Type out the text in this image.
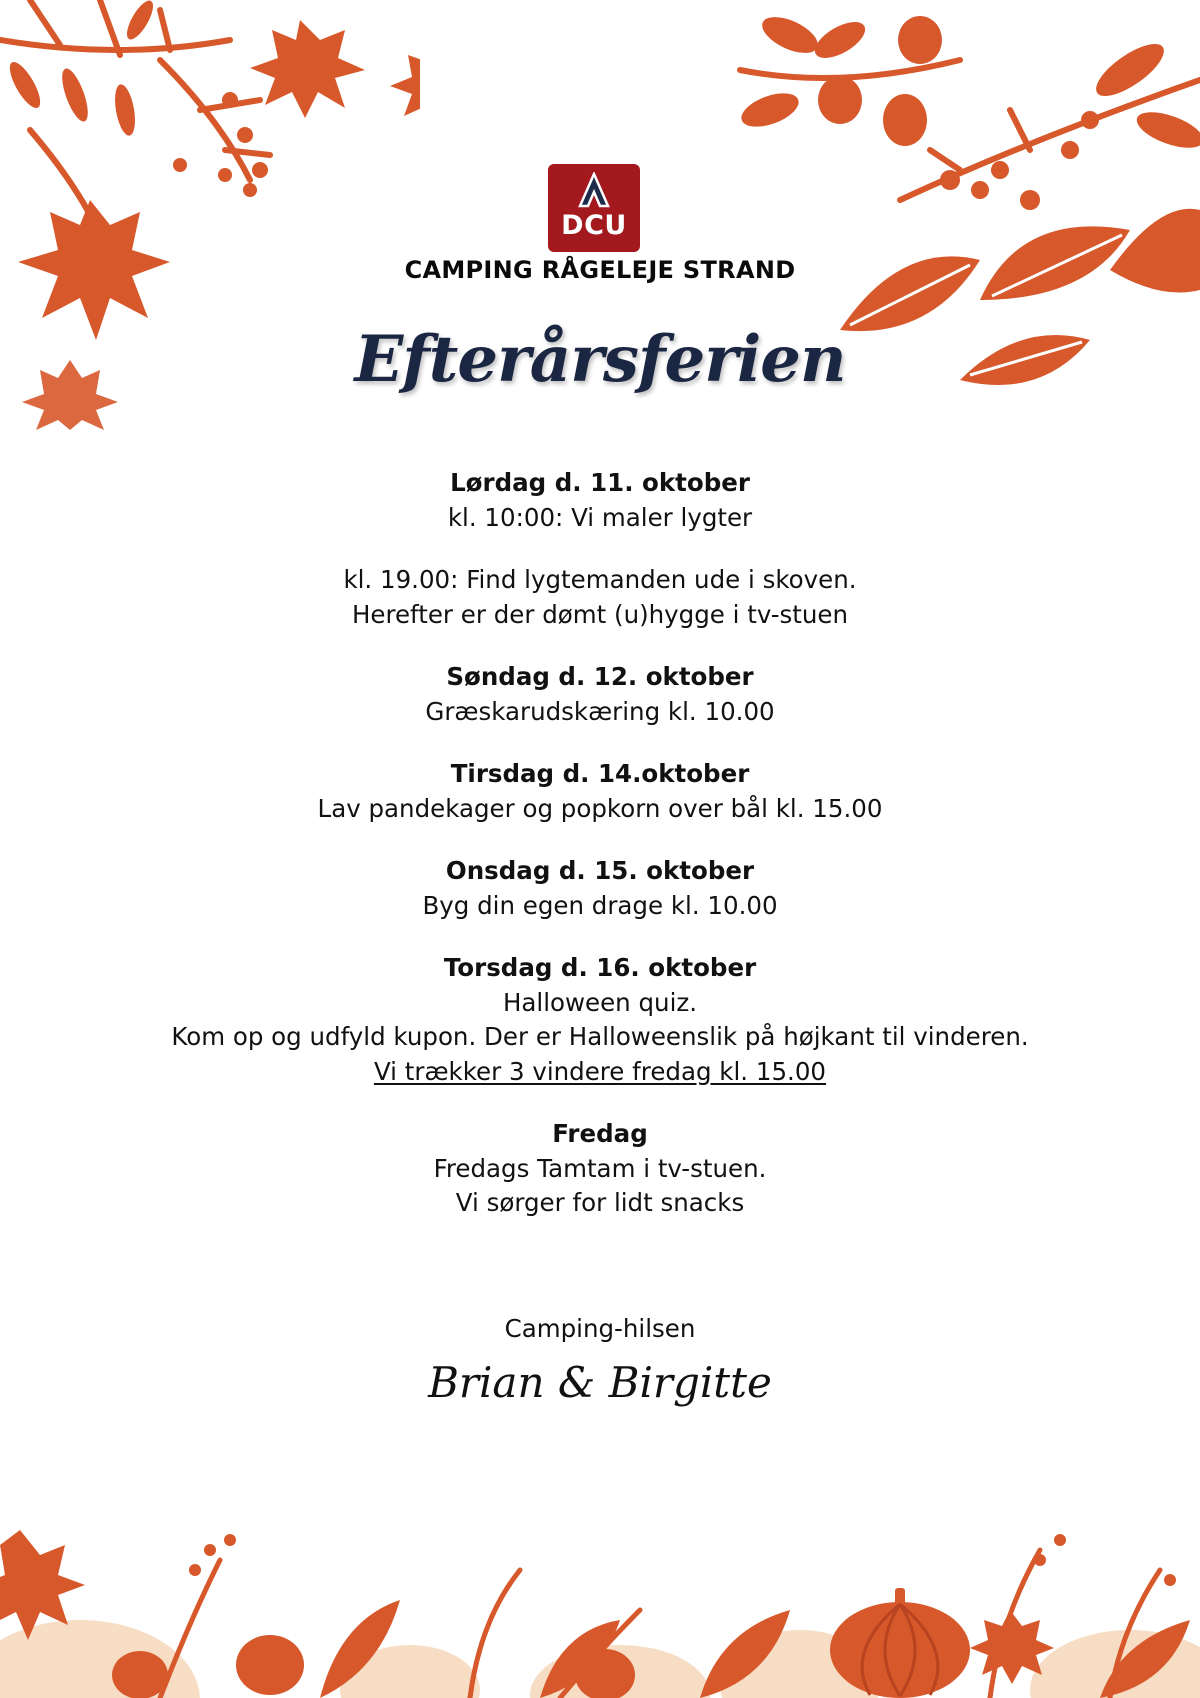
DCU
CAMPING RÅGELEJE STRAND
Efterårsferien
Lørdag d. 11. oktober
kl. 10:00: Vi maler lygter
kl. 19.00: Find lygtemanden ude i skoven.
Herefter er der dømt (u)hygge i tv-stuen
Søndag d. 12. oktober
Græskarudskæring kl. 10.00
Tirsdag d. 14.oktober
Lav pandekager og popkorn over bål kl. 15.00
Onsdag d. 15. oktober
Byg din egen drage kl. 10.00
Torsdag d. 16. oktober
Halloween quiz.
Kom op og udfyld kupon. Der er Halloweenslik på højkant til vinderen.
Vi trækker 3 vindere fredag kl. 15.00
Fredag
Fredags Tamtam i tv-stuen.
Vi sørger for lidt snacks
Camping-hilsen
Brian & Birgitte
